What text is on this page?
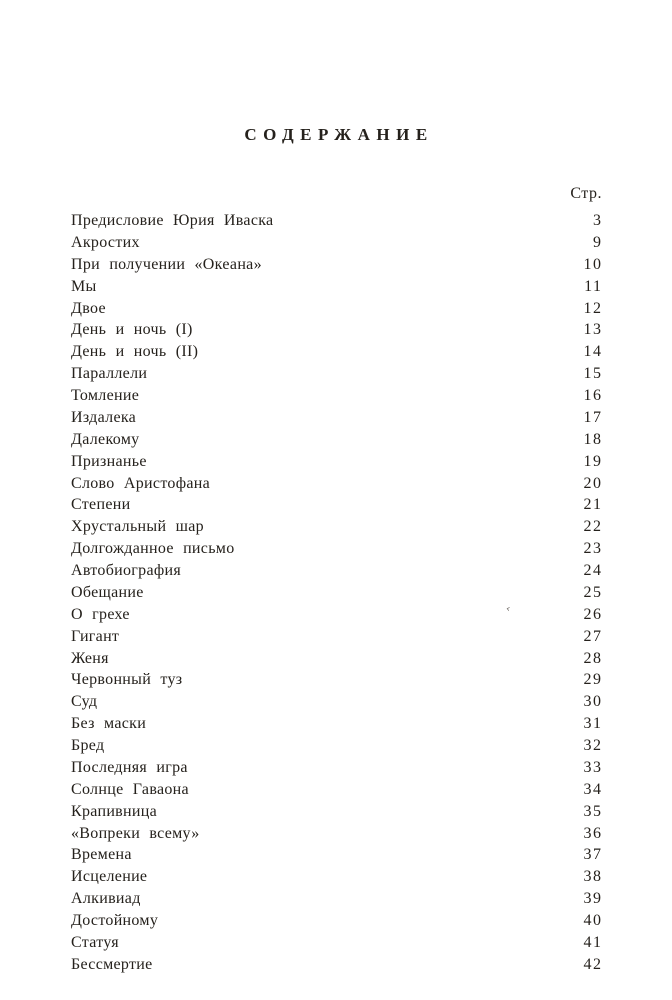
СОДЕРЖАНИЕ
Стр.
Предисловие Юрия Иваска	3
Акростих	9
При получении «Океана»	10
Мы	11
Двое	12
День и ночь (I)	13
День и ночь (II)	14
Параллели	15
Томление	16
Издалека	17
Далекому	18
Признанье	19
Слово Аристофана	20
Степени	21
Хрустальный шар	22
Долгожданное письмо	23
Автобиография	24
Обещание	25
О грехе	26
Гигант	27
Женя	28
Червонный туз	29
Суд	30
Без маски	31
Бред	32
Последняя игра	33
Солнце Гаваона	34
Крапивница	35
«Вопреки всему»	36
Времена	37
Исцеление	38
Алкивиад	39
Достойному	40
Статуя	41
Бессмертие	42
‹
